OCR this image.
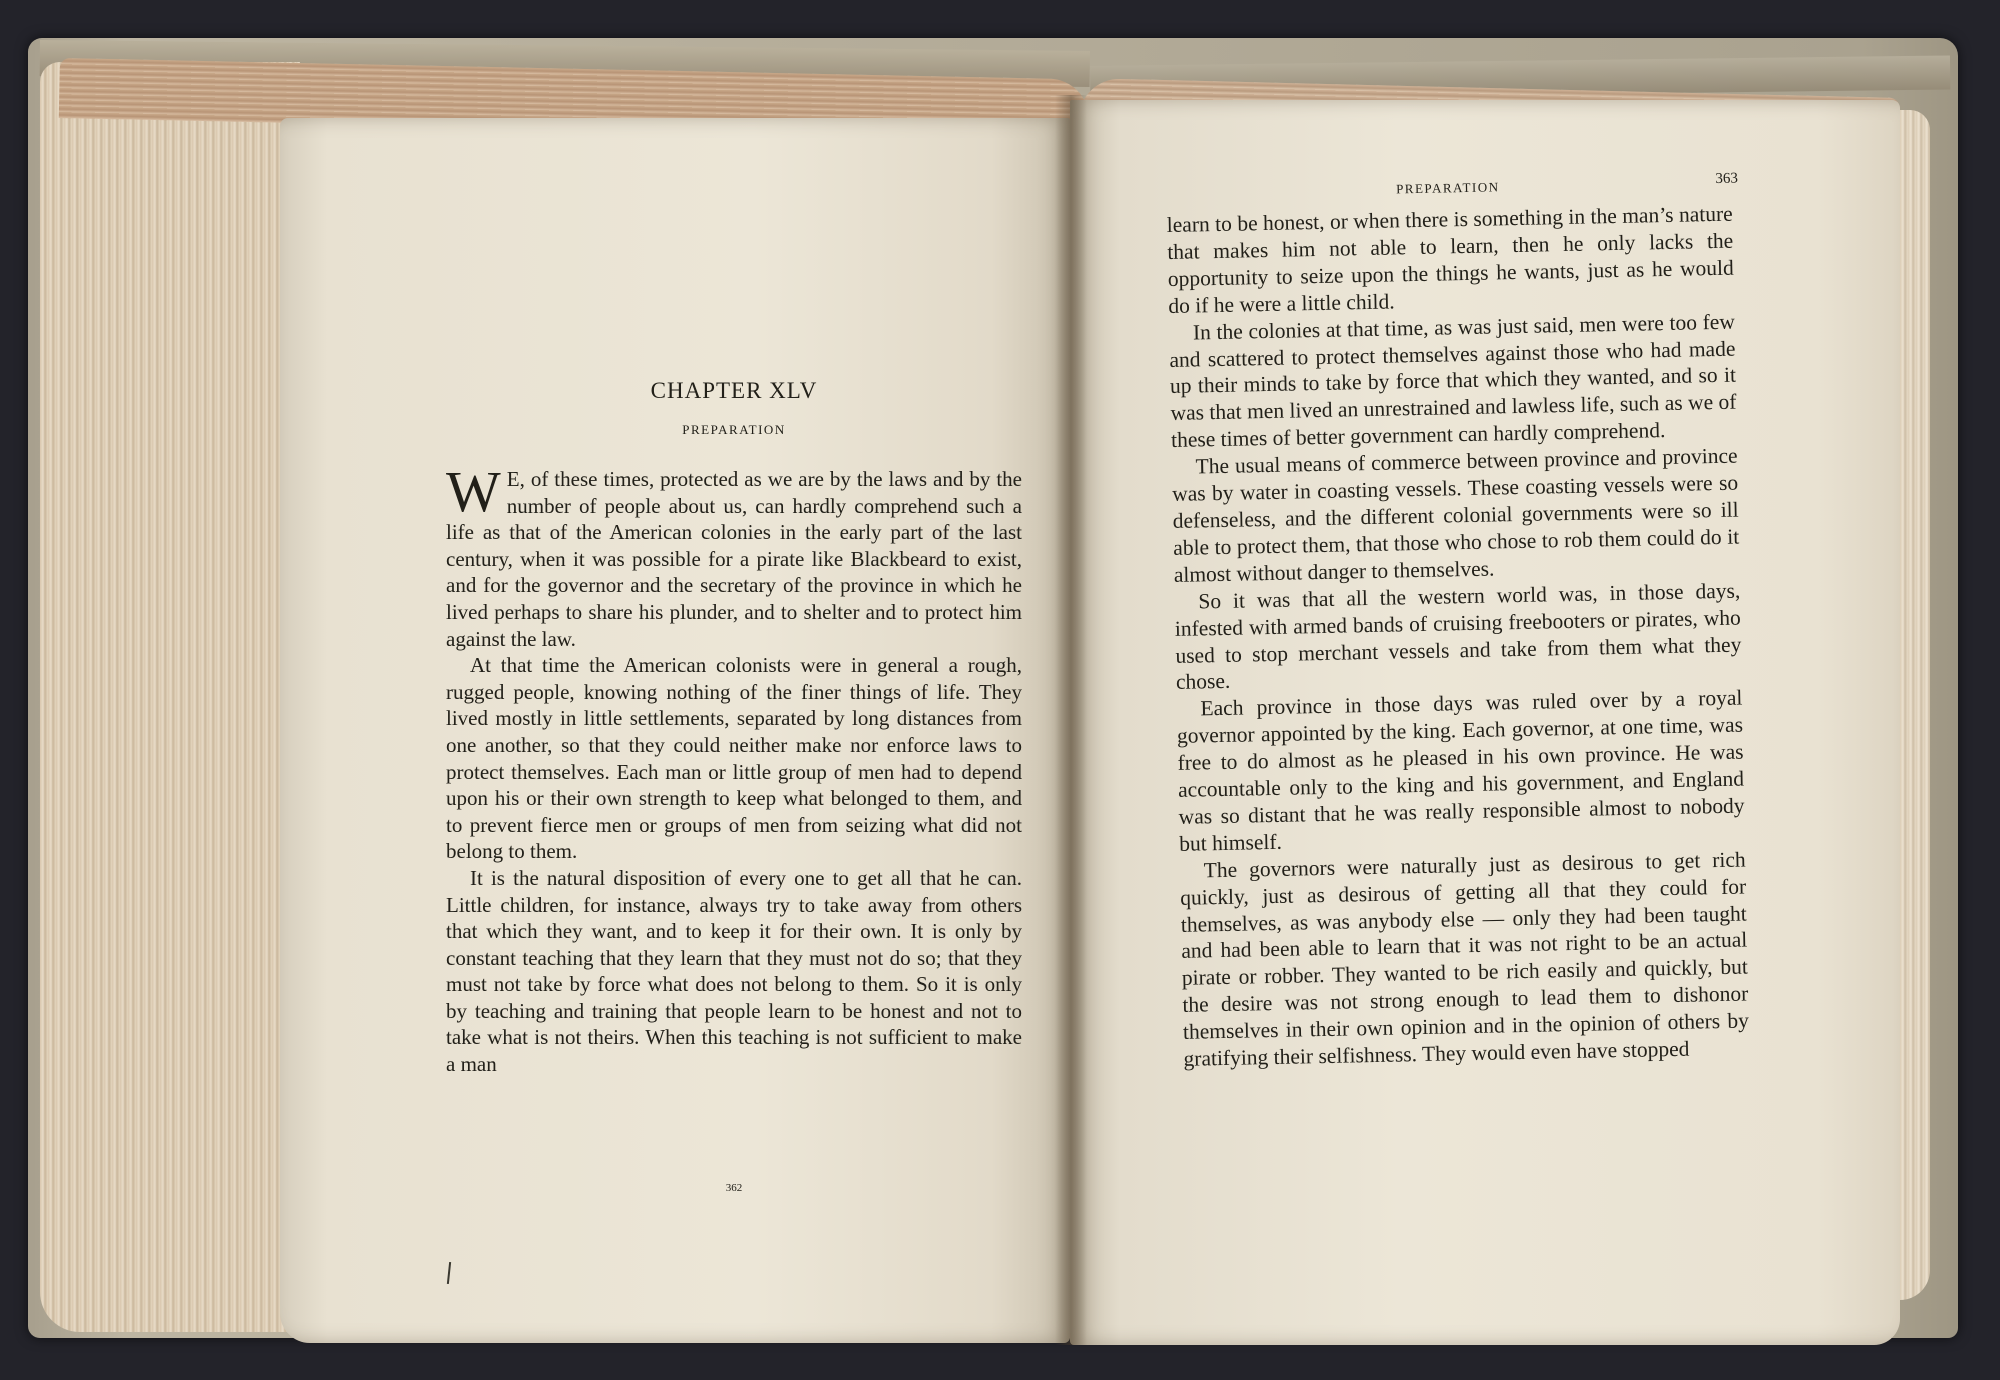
CHAPTER XLV
PREPARATION

W E, of these times, protected as we are by the laws and by the number of people about us, can hardly comprehend such a life as that of the American colonies in the early part of the last century, when it was possible for a pirate like Blackbeard to exist, and for the governor and the secretary of the province in which he lived perhaps to share his plunder, and to shelter and to protect him against the law.

At that time the American colonists were in general a rough, rugged people, knowing nothing of the finer things of life. They lived mostly in little settlements, separated by long distances from one another, so that they could neither make nor enforce laws to protect themselves. Each man or little group of men had to depend upon his or their own strength to keep what belonged to them, and to prevent fierce men or groups of men from seizing what did not belong to them.

It is the natural disposition of every one to get all that he can. Little children, for instance, always try to take away from others that which they want, and to keep it for their own. It is only by constant teaching that they learn that they must not do so; that they must not take by force what does not belong to them. So it is only by teaching and training that people learn to be honest and not to take what is not theirs. When this teaching is not sufficient to make a man

362
PREPARATION
363

learn to be honest, or when there is something in the man’s nature that makes him not able to learn, then he only lacks the opportunity to seize upon the things he wants, just as he would do if he were a little child.

In the colonies at that time, as was just said, men were too few and scattered to protect themselves against those who had made up their minds to take by force that which they wanted, and so it was that men lived an unrestrained and lawless life, such as we of these times of better government can hardly comprehend.

The usual means of commerce between province and province was by water in coasting vessels. These coasting vessels were so defenseless, and the different colonial governments were so ill able to protect them, that those who chose to rob them could do it almost without danger to themselves.

So it was that all the western world was, in those days, infested with armed bands of cruising freebooters or pirates, who used to stop merchant vessels and take from them what they chose.

Each province in those days was ruled over by a royal governor appointed by the king. Each governor, at one time, was free to do almost as he pleased in his own province. He was accountable only to the king and his government, and England was so distant that he was really responsible almost to nobody but himself.

The governors were naturally just as desirous to get rich quickly, just as desirous of getting all that they could for themselves, as was anybody else — only they had been taught and had been able to learn that it was not right to be an actual pirate or robber. They wanted to be rich easily and quickly, but the desire was not strong enough to lead them to dishonor themselves in their own opinion and in the opinion of others by gratifying their selfishness. They would even have stopped
